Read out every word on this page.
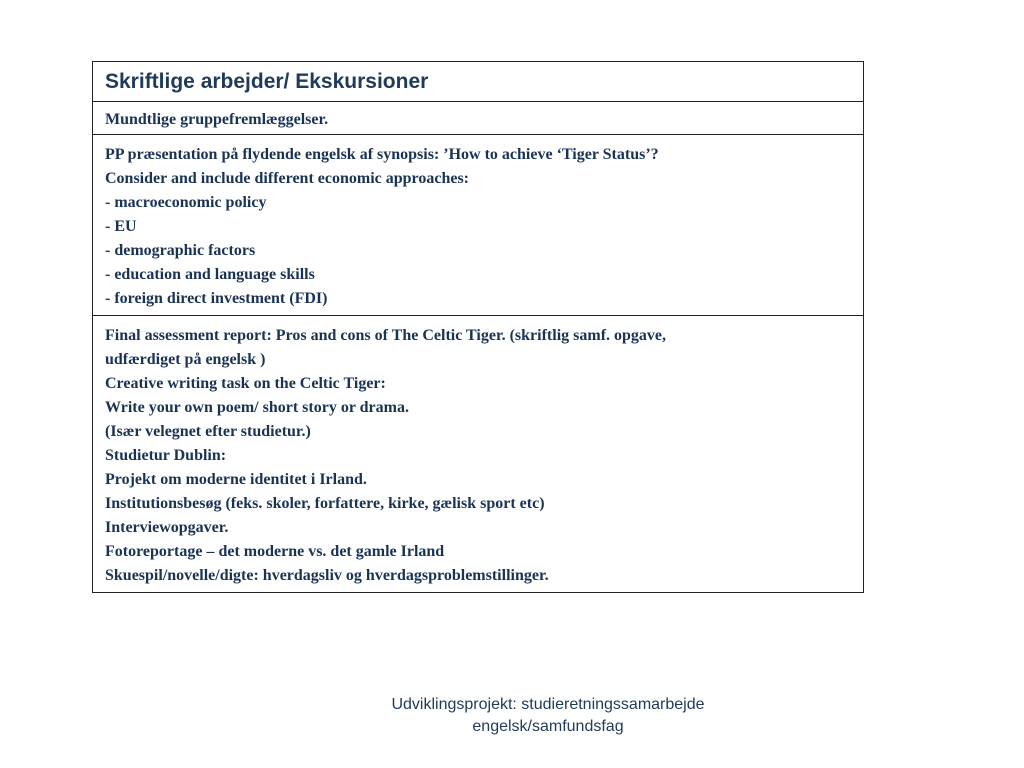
Skriftlige arbejder/ Ekskursioner
Mundtlige gruppefremlæggelser.

PP præsentation på flydende engelsk af synopsis: ’How to achieve ‘Tiger Status’?
Consider and include different economic approaches:
- macroeconomic policy
- EU
- demographic factors
- education and language skills
- foreign direct investment (FDI)

Final assessment report: Pros and cons of The Celtic Tiger. (skriftlig samf. opgave,
udfærdiget på engelsk )
Creative writing task on the Celtic Tiger:
Write your own poem/ short story or drama.
(Især velegnet efter studietur.)
Studietur Dublin:
Projekt om moderne identitet i Irland.
Institutionsbesøg (feks. skoler, forfattere, kirke, gælisk sport etc)
Interviewopgaver.
Fotoreportage – det moderne vs. det gamle Irland
Skuespil/novelle/digte: hverdagsliv og hverdagsproblemstillinger.
Udviklingsprojekt: studieretningssamarbejde
engelsk/samfundsfag
